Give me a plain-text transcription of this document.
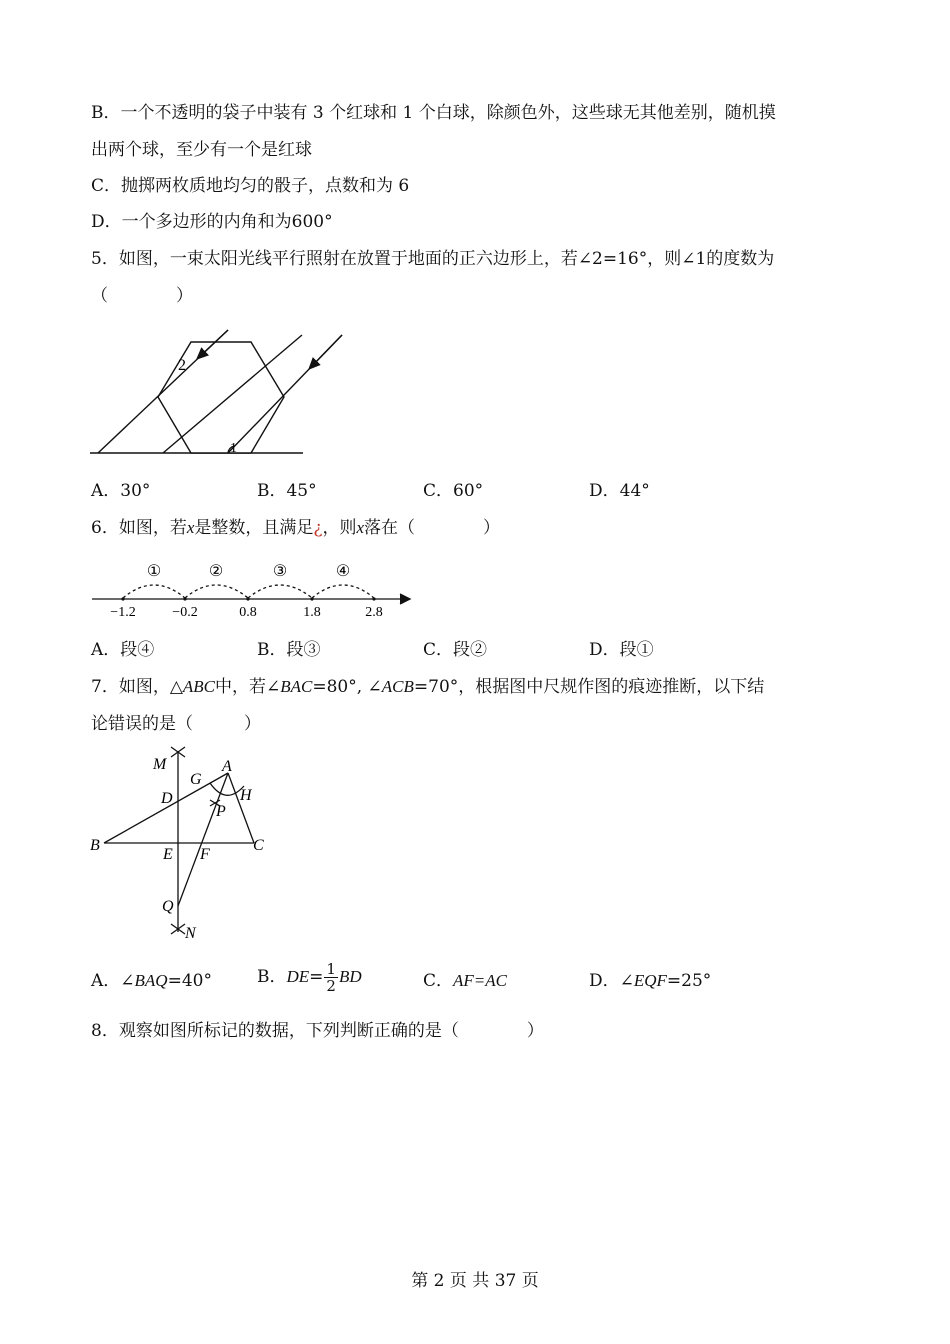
B．一个不透明的袋子中装有 3 个红球和 1 个白球，除颜色外，这些球无其他差别，随机摸
出两个球，至少有一个是红球
C．抛掷两枚质地均匀的骰子，点数和为 6
D．一个多边形的内角和为600°
5．如图，一束太阳光线平行照射在放置于地面的正六边形上，若∠2=16°，则∠1的度数为
（　　　　）
2
1
A．30°	B．45°	C．60°	D．44°
6．如图，若x是整数，且满足¿，则x落在（　　　　）
①	②	③	④
−1.2	−0.2	0.8	1.8	2.8
A．段④	B．段③	C．段②	D．段①
7．如图，△ABC中，若∠BAC=80°, ∠ACB=70°，根据图中尺规作图的痕迹推断，以下结
论错误的是（　　　）
M
G
A
D	H
P
B
E F
C
Q
N
A．∠BAQ=40°	B．$DE= \frac{1}{2}$ BD	C．AF=AC	D．∠EQF=25°
8．观察如图所标记的数据，下列判断正确的是（　　　　）
第 2 页 共 37 页
